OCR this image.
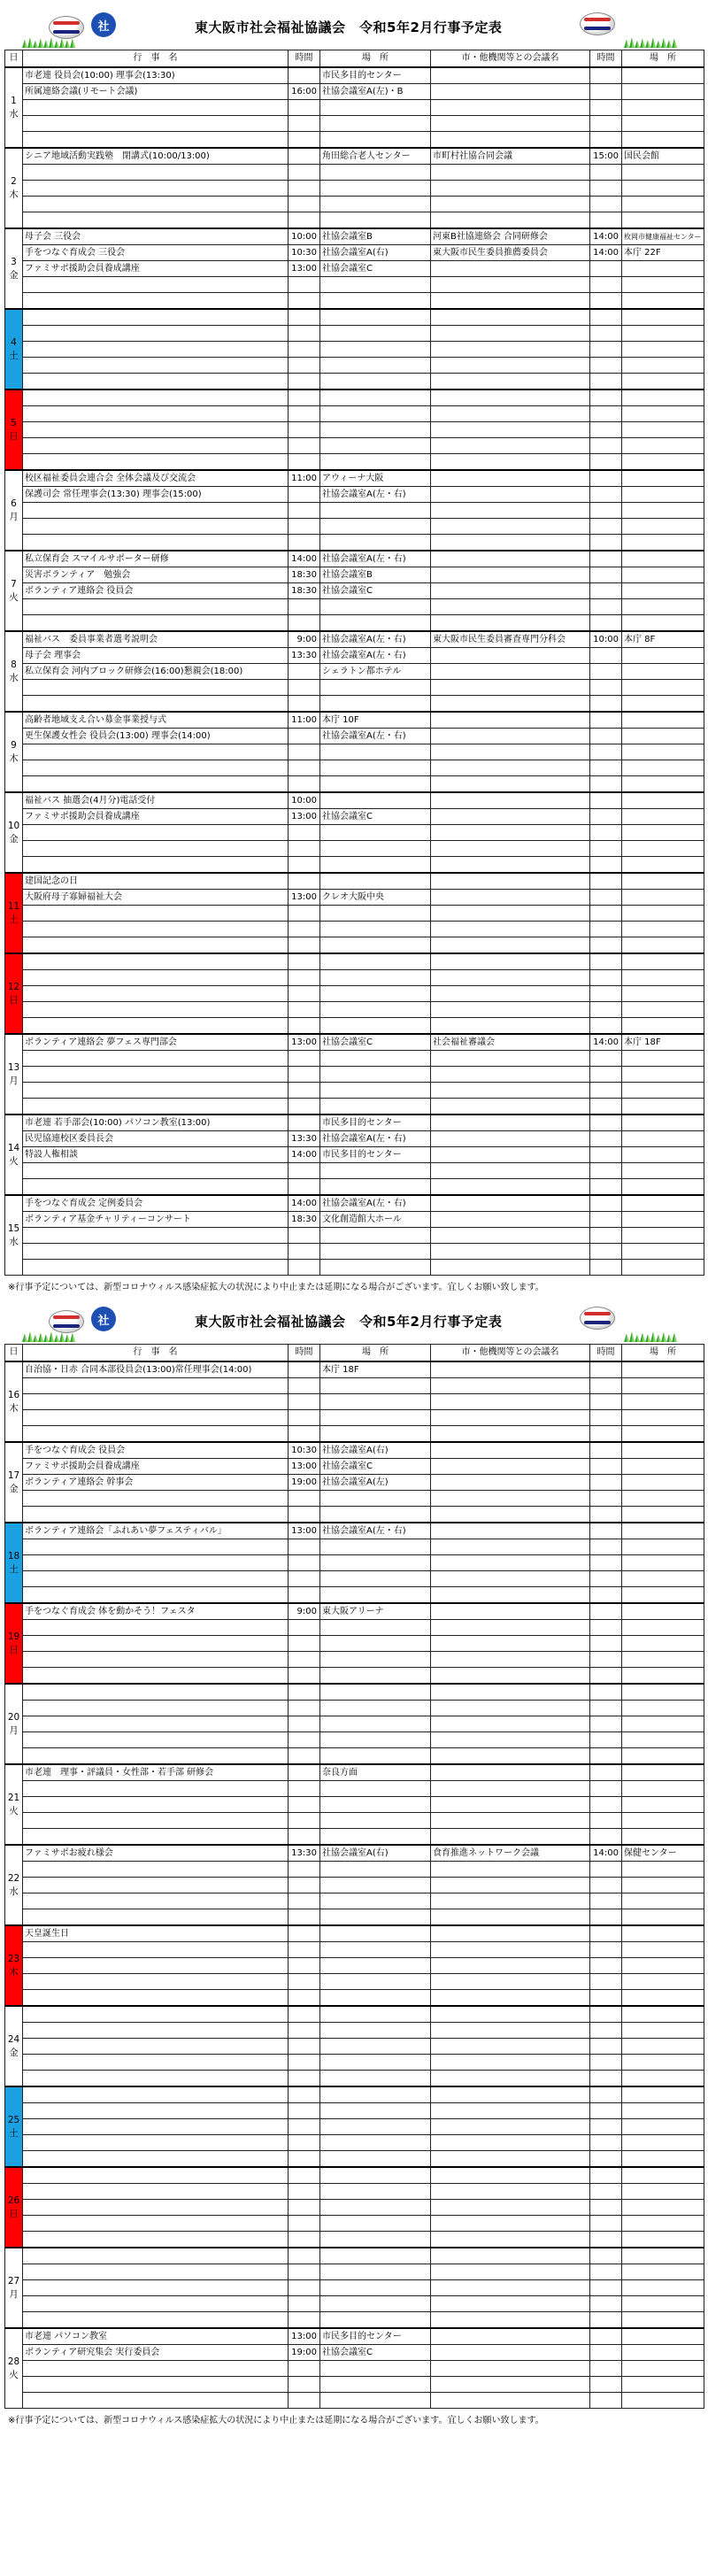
社	東大阪市社会福祉協議会　令和5年2月行事予定表
日	行　事　名	時間	場　所	市・他機関等との会議名	時間	場　所

1
水	市老連 役員会(10:00) 理事会(13:30)		市民多目的センター			
	所属連絡会議(リモート会議)	16:00	社協会議室A(左)・B			

2
木	シニア地域活動実践塾　閉講式(10:00/13:00)		角田総合老人センター	市町村社協合同会議	15:00	国民会館

3
金	母子会 三役会	10:00	社協会議室B	河東B社協連絡会 合同研修会	14:00	枚岡市健康福祉センター
	手をつなぐ育成会 三役会	10:30	社協会議室A(右)	東大阪市民生委員推薦委員会	14:00	本庁 22F
	ファミサポ援助会員養成講座	13:00	社協会議室C			

4
土						

5
日						

6
月	校区福祉委員会連合会 全体会議及び交流会	11:00	アウィーナ大阪			
	保護司会 常任理事会(13:30) 理事会(15:00)		社協会議室A(左・右)			

7
火	私立保育会 スマイルサポーター研修	14:00	社協会議室A(左・右)			
	災害ボランティア　勉強会	18:30	社協会議室B			
	ボランティア連絡会 役員会	18:30	社協会議室C			

8
水	福祉バス　委員事業者選考説明会	9:00	社協会議室A(左・右)	東大阪市民生委員審査専門分科会	10:00	本庁 8F
	母子会 理事会	13:30	社協会議室A(左・右)			
	私立保育会 河内ブロック研修会(16:00)懇親会(18:00)		シェラトン都ホテル			

9
木	高齢者地域支え合い募金事業授与式	11:00	本庁 10F			
	更生保護女性会 役員会(13:00) 理事会(14:00)		社協会議室A(左・右)			

10
金	福祉バス 抽選会(4月分)電話受付	10:00				
	ファミサポ援助会員養成講座	13:00	社協会議室C			

11
土	建国記念の日					
	大阪府母子寡婦福祉大会	13:00	クレオ大阪中央			

12
日						

13
月	ボランティア連絡会 夢フェス専門部会	13:00	社協会議室C	社会福祉審議会	14:00	本庁 18F

14
火	市老連 若手部会(10:00) パソコン教室(13:00)		市民多目的センター			
	民児協連校区委員長会	13:30	社協会議室A(左・右)			
	特設人権相談	14:00	市民多目的センター			

15
水	手をつなぐ育成会 定例委員会	14:00	社協会議室A(左・右)			
	ボランティア基金チャリティーコンサート	18:30	文化創造館大ホール			

※行事予定については、新型コロナウィルス感染症拡大の状況により中止または延期になる場合がございます。宜しくお願い致します。
社	東大阪市社会福祉協議会　令和5年2月行事予定表
日	行　事　名	時間	場　所	市・他機関等との会議名	時間	場　所

16
木	自治協・日赤 合同本部役員会(13:00)常任理事会(14:00)		本庁 18F			

17
金	手をつなぐ育成会 役員会	10:30	社協会議室A(右)			
	ファミサポ援助会員養成講座	13:00	社協会議室C			
	ボランティア連絡会 幹事会	19:00	社協会議室A(左)			

18
土	ボランティア連絡会「ふれあい夢フェスティバル」	13:00	社協会議室A(左・右)			

19
日	手をつなぐ育成会 体を動かそう！フェスタ	9:00	東大阪アリーナ			

20
月						

21
火	市老連　理事・評議員・女性部・若手部 研修会		奈良方面			

22
水	ファミサポお疲れ様会	13:30	社協会議室A(右)	食育推進ネットワーク会議	14:00	保健センター

23
木	天皇誕生日					

24
金						

25
土						

26
日						

27
月						

28
火	市老連 パソコン教室	13:00	市民多目的センター			
	ボランティア研究集会 実行委員会	19:00	社協会議室C			

※行事予定については、新型コロナウィルス感染症拡大の状況により中止または延期になる場合がございます。宜しくお願い致します。
